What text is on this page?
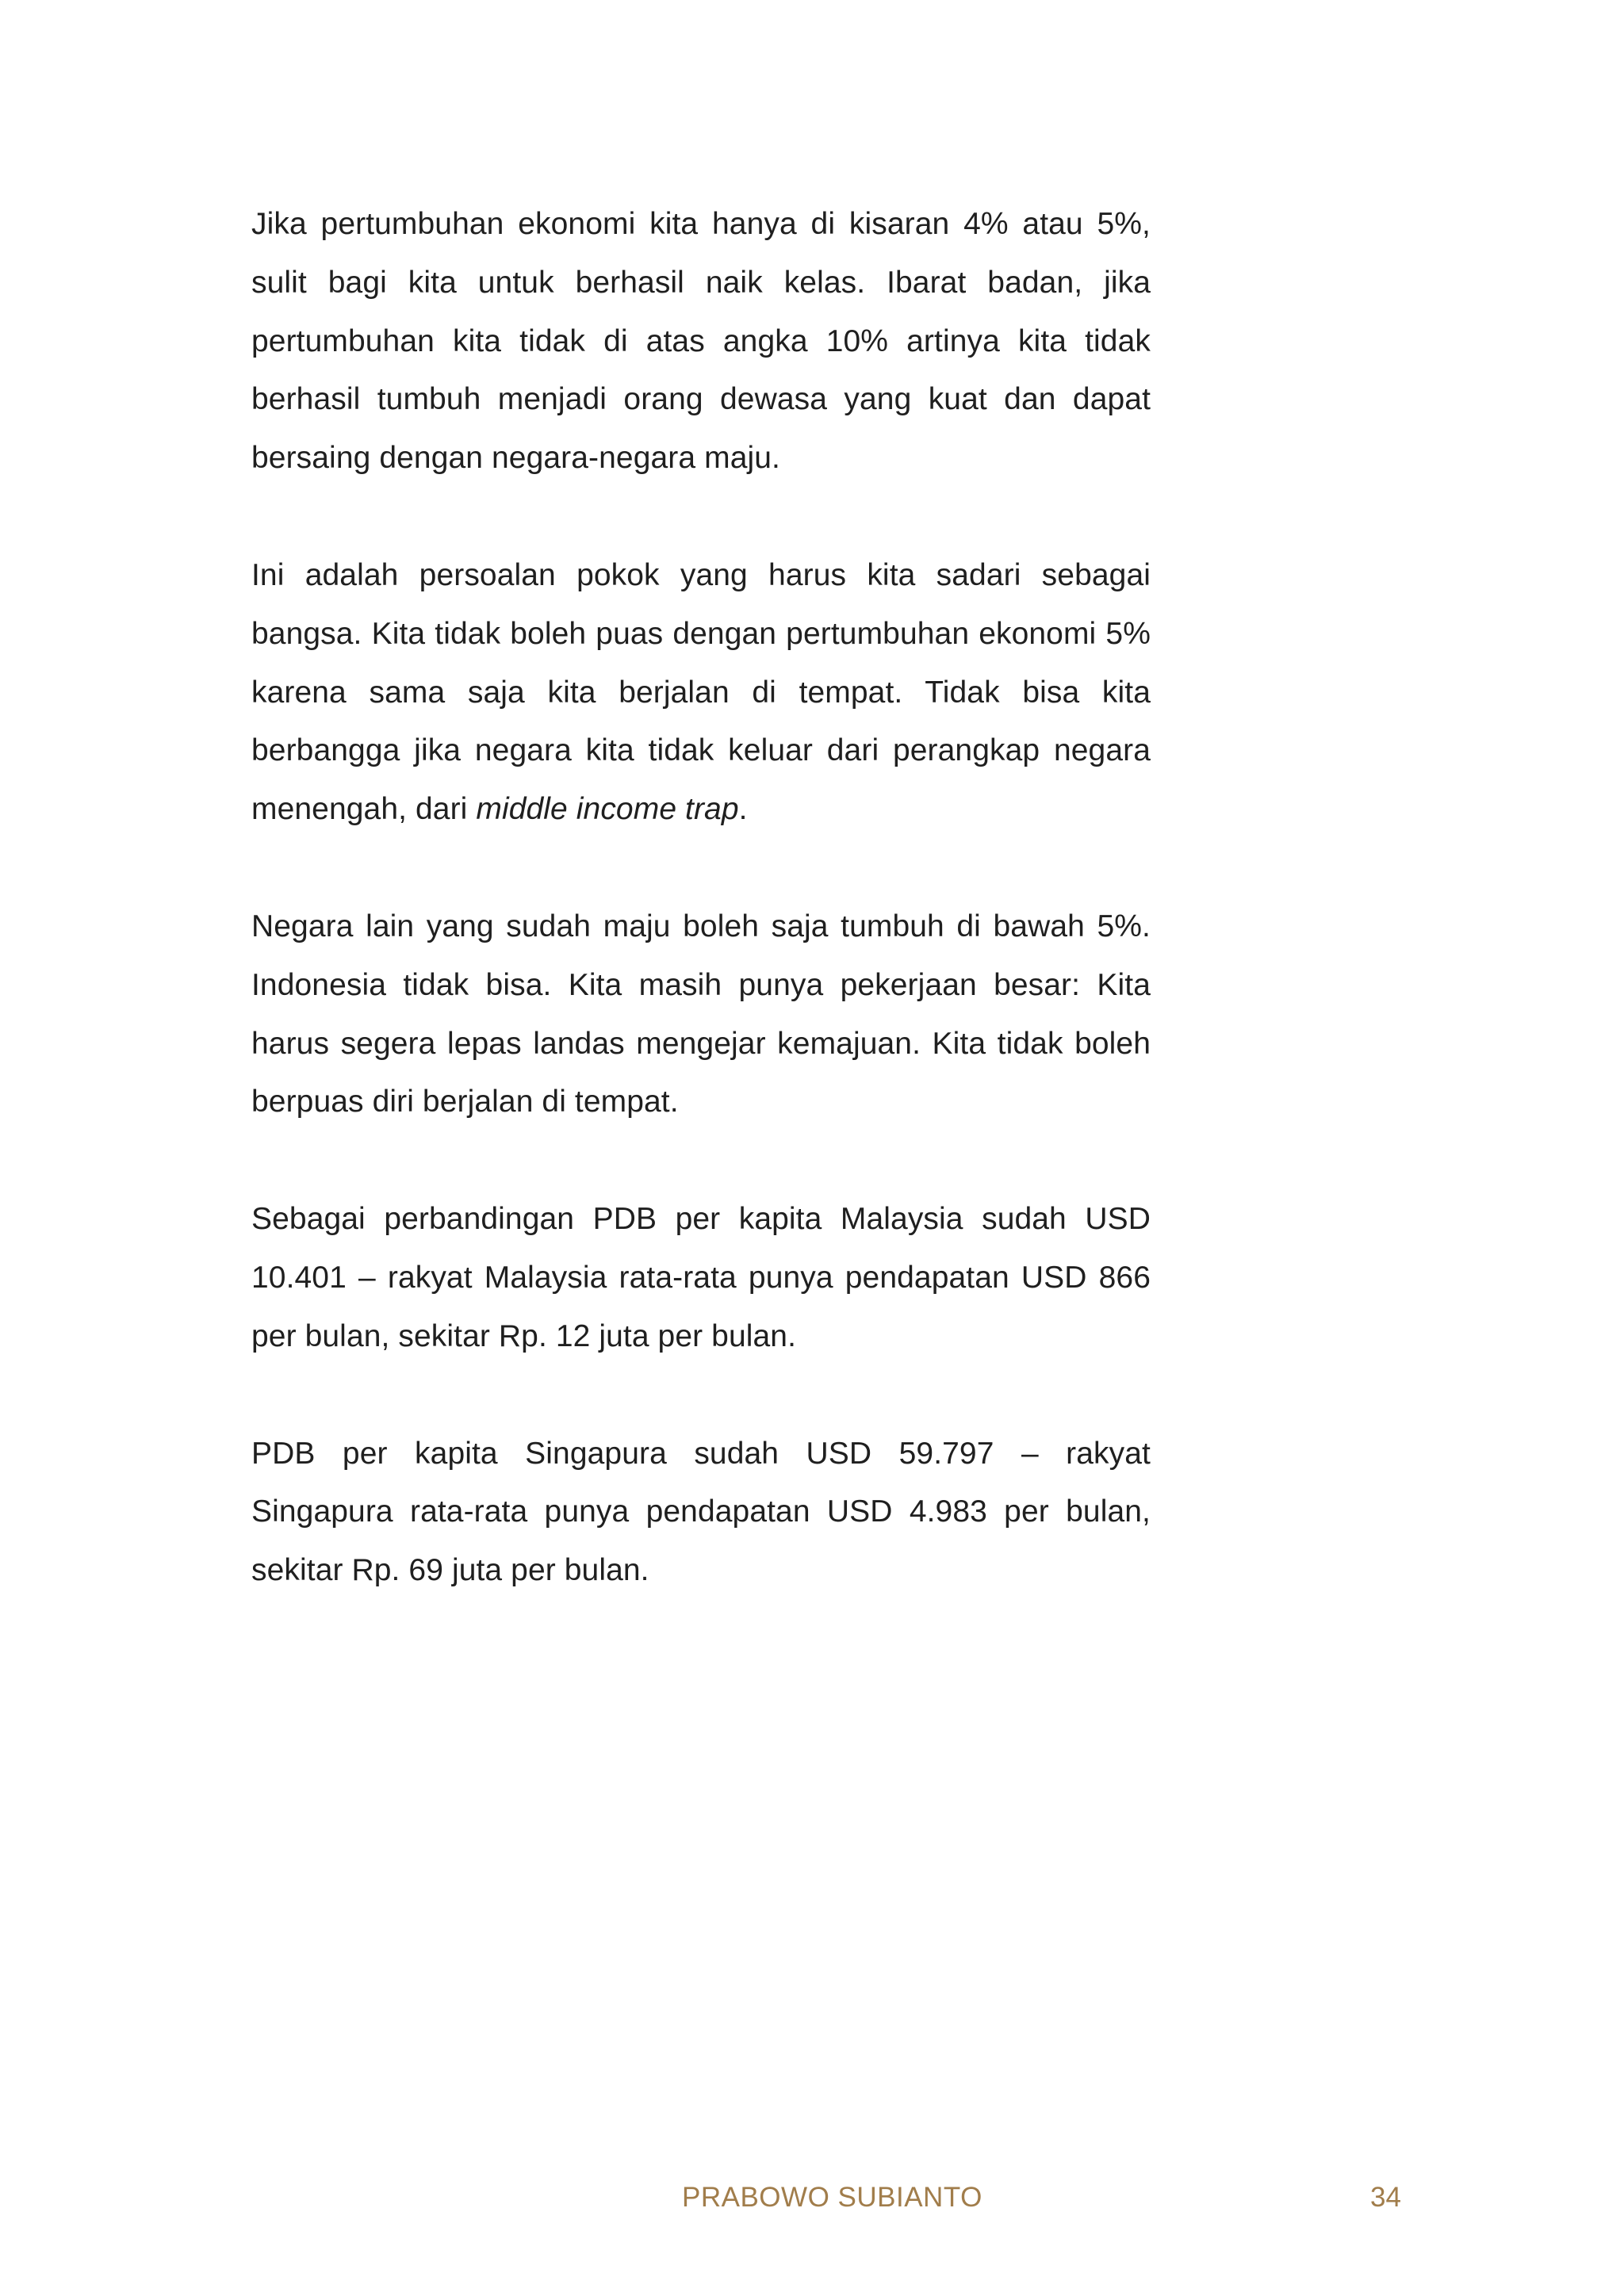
Jika pertumbuhan ekonomi kita hanya di kisaran 4% atau 5%, sulit bagi kita untuk berhasil naik kelas. Ibarat badan, jika pertumbuhan kita tidak di atas angka 10% artinya kita tidak berhasil tumbuh menjadi orang dewasa yang kuat dan dapat bersaing dengan negara-negara maju.

Ini adalah persoalan pokok yang harus kita sadari sebagai bangsa. Kita tidak boleh puas dengan pertumbuhan ekonomi 5% karena sama saja kita berjalan di tempat. Tidak bisa kita berbangga jika negara kita tidak keluar dari perangkap negara menengah, dari middle income trap.

Negara lain yang sudah maju boleh saja tumbuh di bawah 5%. Indonesia tidak bisa. Kita masih punya pekerjaan besar: Kita harus segera lepas landas mengejar kemajuan. Kita tidak boleh berpuas diri berjalan di tempat.

Sebagai perbandingan PDB per kapita Malaysia sudah USD 10.401 – rakyat Malaysia rata-rata punya pendapatan USD 866 per bulan, sekitar Rp. 12 juta per bulan.

PDB per kapita Singapura sudah USD 59.797 – rakyat Singapura rata-rata punya pendapatan USD 4.983 per bulan, sekitar Rp. 69 juta per bulan.

PRABOWO SUBIANTO	34
